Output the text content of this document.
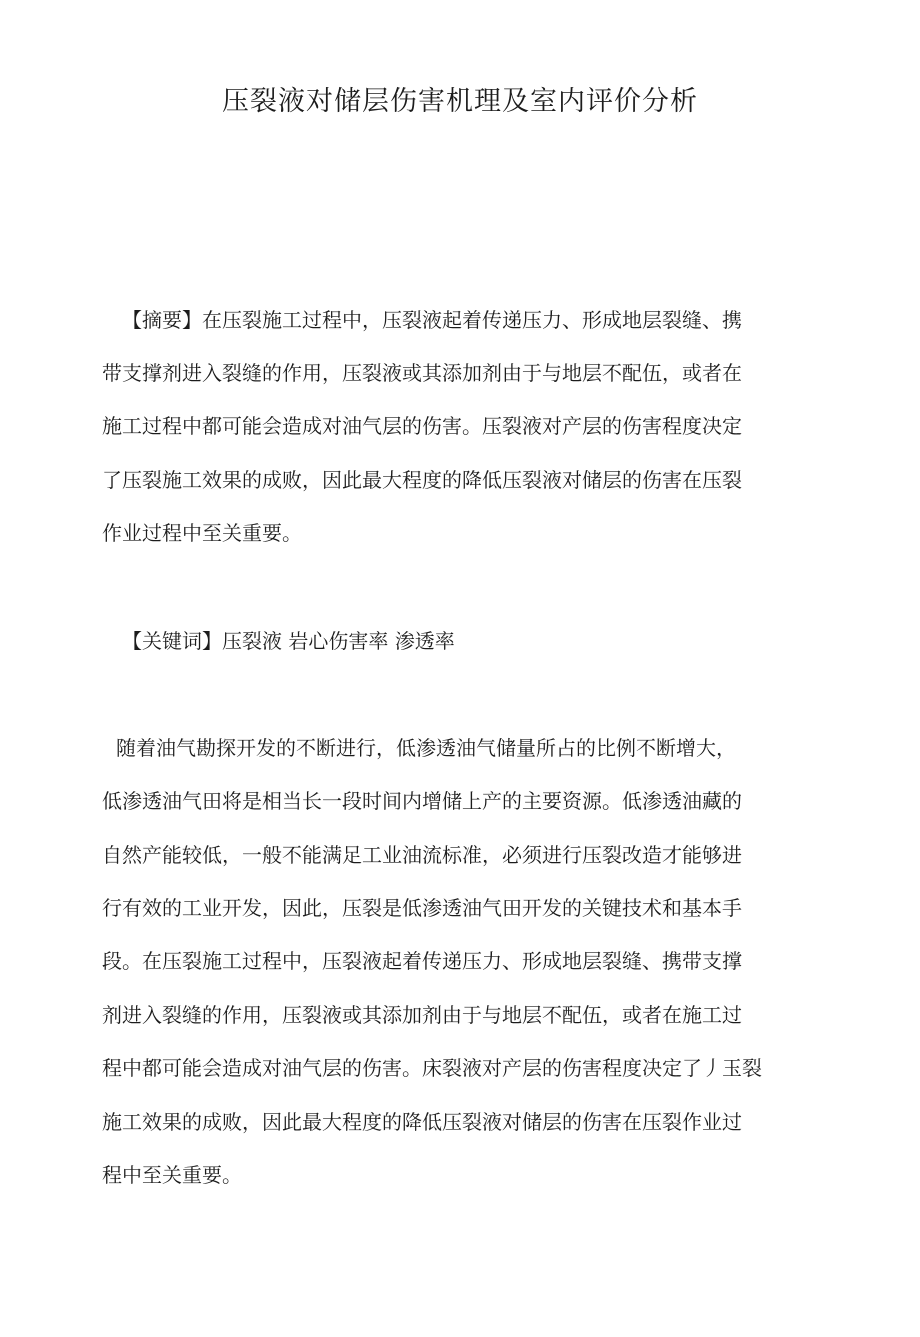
压裂液对储层伤害机理及室内评价分析
【摘要】在压裂施工过程中，压裂液起着传递压力、形成地层裂缝、携
带支撑剂进入裂缝的作用，压裂液或其添加剂由于与地层不配伍，或者在
施工过程中都可能会造成对油气层的伤害。压裂液对产层的伤害程度决定
了压裂施工效果的成败，因此最大程度的降低压裂液对储层的伤害在压裂
作业过程中至关重要。
【关键词】压裂液 岩心伤害率 渗透率
随着油气勘探开发的不断进行，低渗透油气储量所占的比例不断增大，
低渗透油气田将是相当长一段时间内增储上产的主要资源。低渗透油藏的
自然产能较低，一般不能满足工业油流标准，必须进行压裂改造才能够进
行有效的工业开发，因此，压裂是低渗透油气田开发的关键技术和基本手
段。在压裂施工过程中，压裂液起着传递压力、形成地层裂缝、携带支撑
剂进入裂缝的作用，压裂液或其添加剂由于与地层不配伍，或者在施工过
程中都可能会造成对油气层的伤害。床裂液对产层的伤害程度决定了丿玉裂
施工效果的成败，因此最大程度的降低压裂液对储层的伤害在压裂作业过
程中至关重要。
